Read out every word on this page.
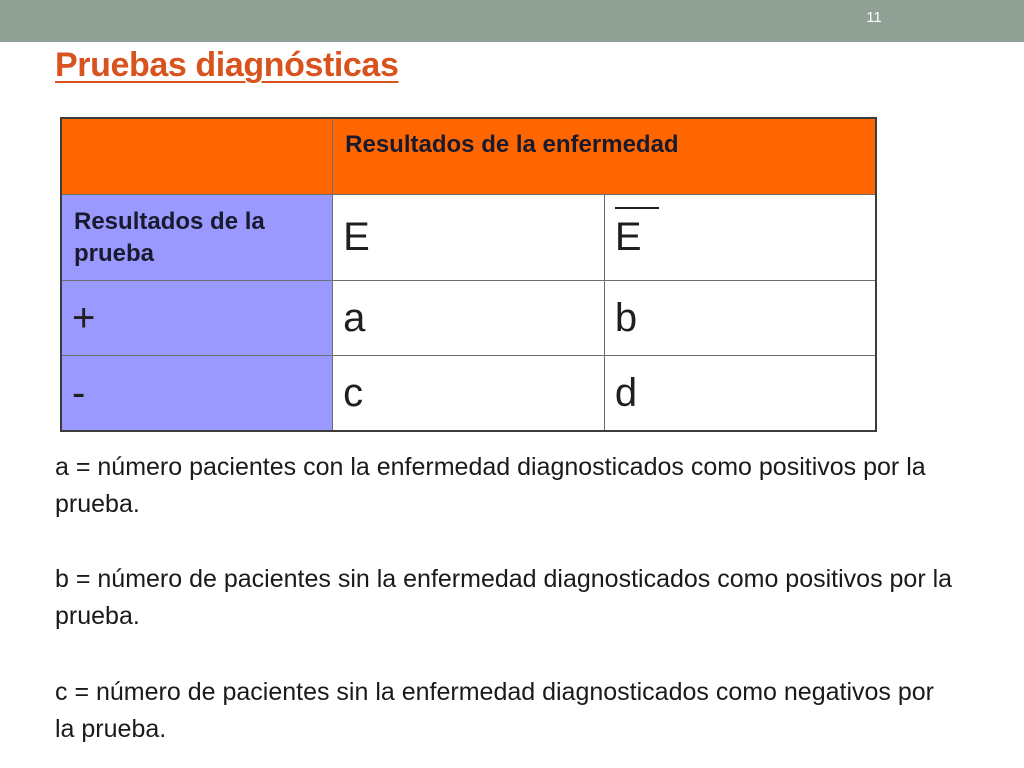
11
Pruebas diagnósticas

	Resultados de la enfermedad	

Resultados de la prueba	E	E

+	a	b

-	c	d

a = número pacientes con la enfermedad diagnosticados como positivos por la prueba.

b = número de pacientes sin la enfermedad diagnosticados como positivos por la prueba.

c = número de pacientes sin la enfermedad diagnosticados como negativos por la prueba.
